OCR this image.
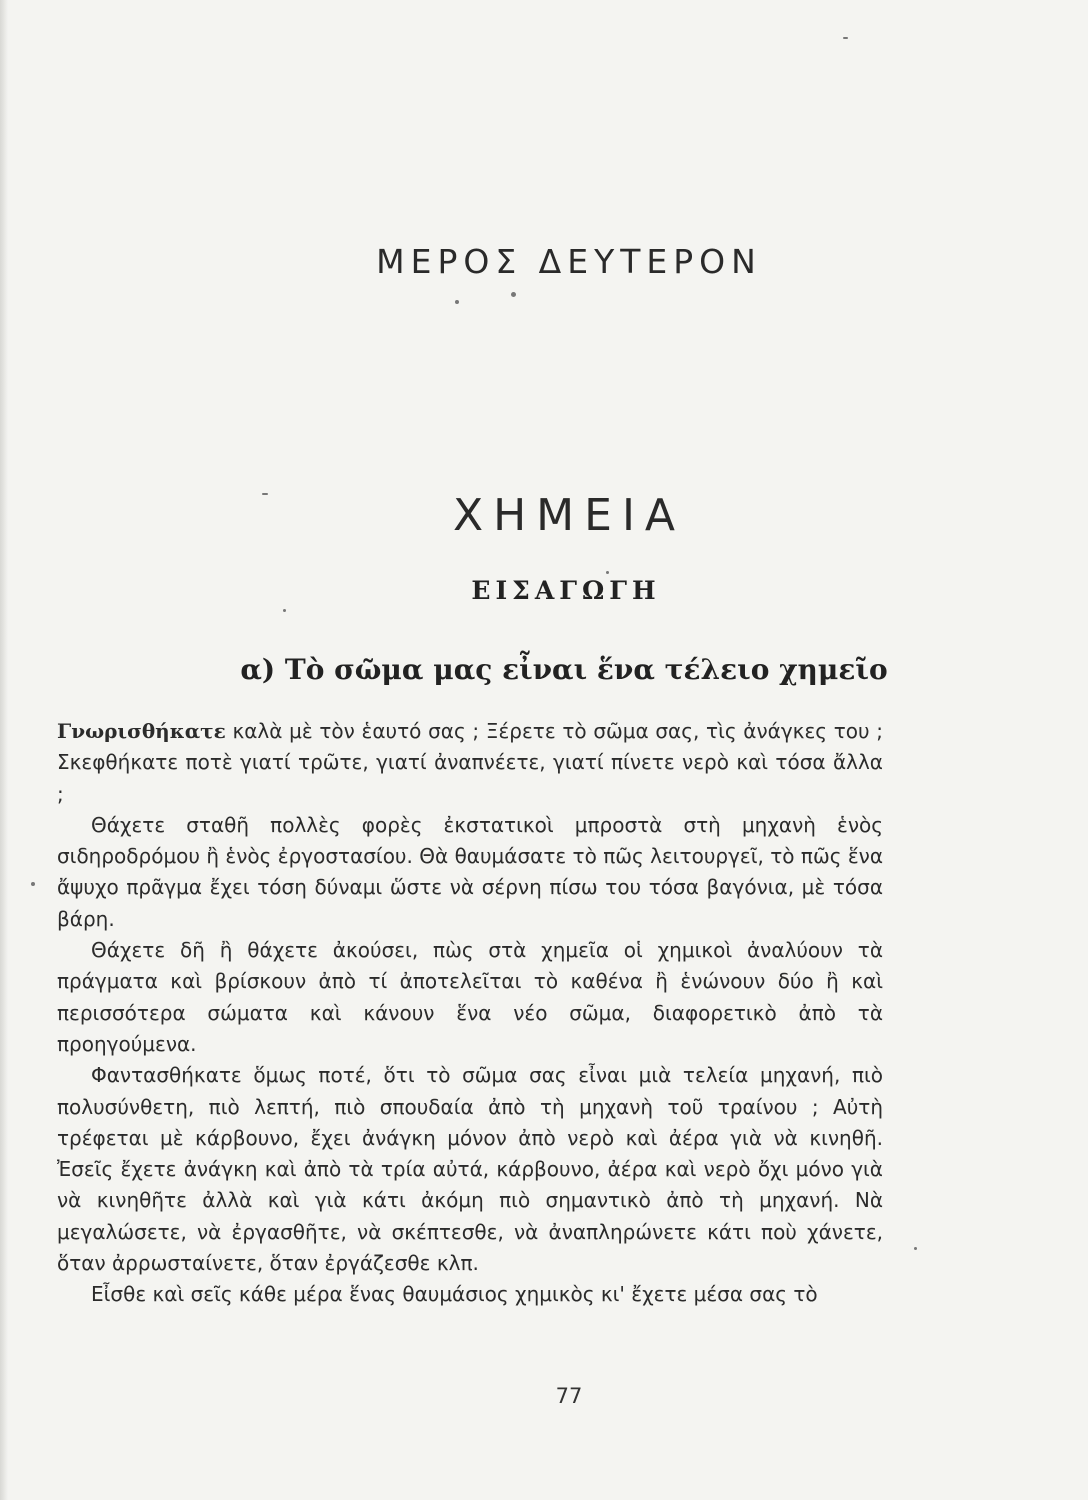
ΜΕΡΟΣ ΔΕΥΤΕΡΟΝ
ΧΗΜΕΙΑ
ΕΙΣΑΓΩΓΗ
α) Τὸ σῶμα μας εἶναι ἕνα τέλειο χημεῖο

Γνωρισθήκατε καλὰ μὲ τὸν ἑαυτό σας ; Ξέρετε τὸ σῶμα σας, τὶς ἀνάγκες του ; Σκεφθήκατε ποτὲ γιατί τρῶτε, γιατί ἀναπνέετε, γιατί πίνετε νερὸ καὶ τόσα ἄλλα ;

Θάχετε σταθῆ πολλὲς φορὲς ἐκστατικοὶ μπροστὰ στὴ μηχανὴ ἑνὸς σιδηροδρόμου ἢ ἑνὸς ἐργοστασίου. Θὰ θαυμάσατε τὸ πῶς λειτουργεῖ, τὸ πῶς ἕνα ἄψυχο πρᾶγμα ἔχει τόση δύναμι ὥστε νὰ σέρνη πίσω του τόσα βαγόνια, μὲ τόσα βάρη.

Θάχετε δῆ ἢ θάχετε ἀκούσει, πὼς στὰ χημεῖα οἱ χημικοὶ ἀναλύουν τὰ πράγματα καὶ βρίσκουν ἀπὸ τί ἀποτελεῖται τὸ καθένα ἢ ἑνώνουν δύο ἢ καὶ περισσότερα σώματα καὶ κάνουν ἕνα νέο σῶμα, διαφορετικὸ ἀπὸ τὰ προηγούμενα.

Φαντασθήκατε ὅμως ποτέ, ὅτι τὸ σῶμα σας εἶναι μιὰ τελεία μηχανή, πιὸ πολυσύνθετη, πιὸ λεπτή, πιὸ σπουδαία ἀπὸ τὴ μηχανὴ τοῦ τραίνου ; Αὐτὴ τρέφεται μὲ κάρβουνο, ἔχει ἀνάγκη μόνον ἀπὸ νερὸ καὶ ἀέρα γιὰ νὰ κινηθῆ. Ἐσεῖς ἔχετε ἀνάγκη καὶ ἀπὸ τὰ τρία αὐτά, κάρβουνο, ἀέρα καὶ νερὸ ὄχι μόνο γιὰ νὰ κινηθῆτε ἀλλὰ καὶ γιὰ κάτι ἀκόμη πιὸ σημαντικὸ ἀπὸ τὴ μηχανή. Νὰ μεγαλώσετε, νὰ ἐργασθῆτε, νὰ σκέπτεσθε, νὰ ἀναπληρώνετε κάτι ποὺ χάνετε, ὅταν ἀρρωσταίνετε, ὅταν ἐργάζεσθε κλπ.

Εἶσθε καὶ σεῖς κάθε μέρα ἕνας θαυμάσιος χημικὸς κι' ἔχετε μέσα σας τὸ

77
